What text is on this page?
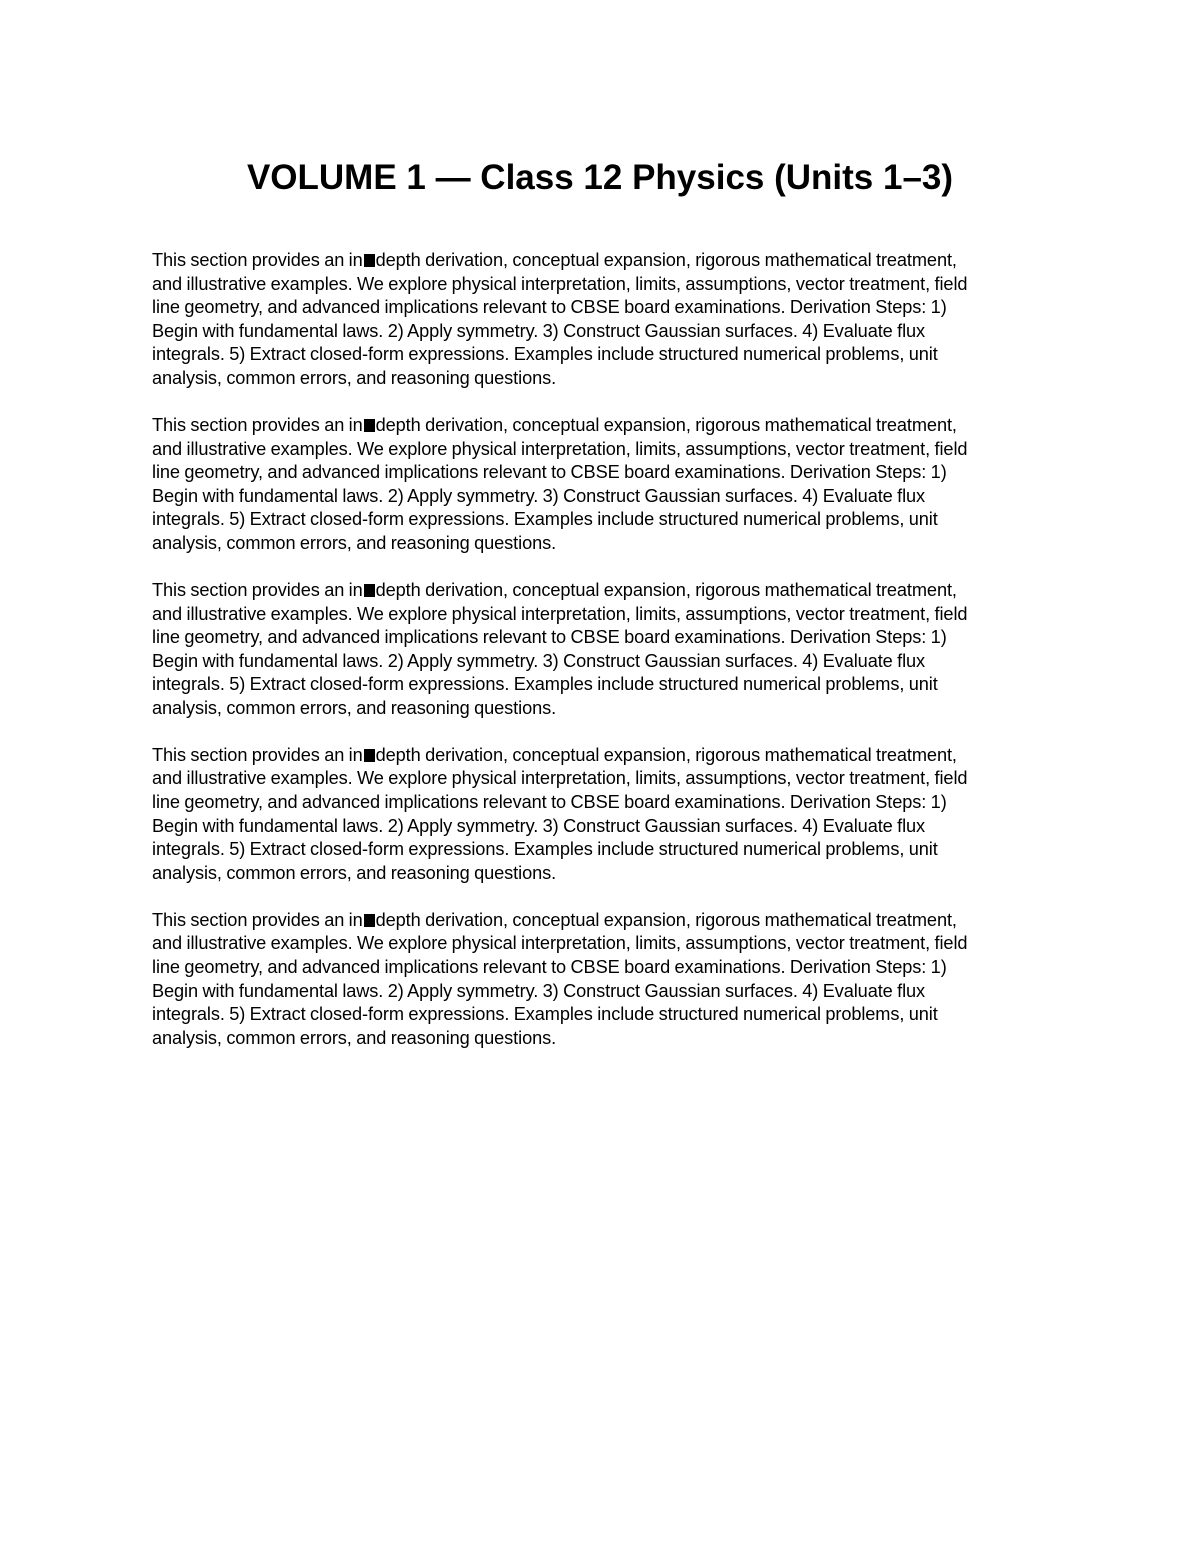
VOLUME 1 — Class 12 Physics (Units 1–3)

This section provides an in depth derivation, conceptual expansion, rigorous mathematical treatment,
and illustrative examples. We explore physical interpretation, limits, assumptions, vector treatment, field
line geometry, and advanced implications relevant to CBSE board examinations. Derivation Steps: 1)
Begin with fundamental laws. 2) Apply symmetry. 3) Construct Gaussian surfaces. 4) Evaluate flux
integrals. 5) Extract closed-form expressions. Examples include structured numerical problems, unit
analysis, common errors, and reasoning questions.

This section provides an in depth derivation, conceptual expansion, rigorous mathematical treatment,
and illustrative examples. We explore physical interpretation, limits, assumptions, vector treatment, field
line geometry, and advanced implications relevant to CBSE board examinations. Derivation Steps: 1)
Begin with fundamental laws. 2) Apply symmetry. 3) Construct Gaussian surfaces. 4) Evaluate flux
integrals. 5) Extract closed-form expressions. Examples include structured numerical problems, unit
analysis, common errors, and reasoning questions.

This section provides an in depth derivation, conceptual expansion, rigorous mathematical treatment,
and illustrative examples. We explore physical interpretation, limits, assumptions, vector treatment, field
line geometry, and advanced implications relevant to CBSE board examinations. Derivation Steps: 1)
Begin with fundamental laws. 2) Apply symmetry. 3) Construct Gaussian surfaces. 4) Evaluate flux
integrals. 5) Extract closed-form expressions. Examples include structured numerical problems, unit
analysis, common errors, and reasoning questions.

This section provides an in depth derivation, conceptual expansion, rigorous mathematical treatment,
and illustrative examples. We explore physical interpretation, limits, assumptions, vector treatment, field
line geometry, and advanced implications relevant to CBSE board examinations. Derivation Steps: 1)
Begin with fundamental laws. 2) Apply symmetry. 3) Construct Gaussian surfaces. 4) Evaluate flux
integrals. 5) Extract closed-form expressions. Examples include structured numerical problems, unit
analysis, common errors, and reasoning questions.

This section provides an in depth derivation, conceptual expansion, rigorous mathematical treatment,
and illustrative examples. We explore physical interpretation, limits, assumptions, vector treatment, field
line geometry, and advanced implications relevant to CBSE board examinations. Derivation Steps: 1)
Begin with fundamental laws. 2) Apply symmetry. 3) Construct Gaussian surfaces. 4) Evaluate flux
integrals. 5) Extract closed-form expressions. Examples include structured numerical problems, unit
analysis, common errors, and reasoning questions.
